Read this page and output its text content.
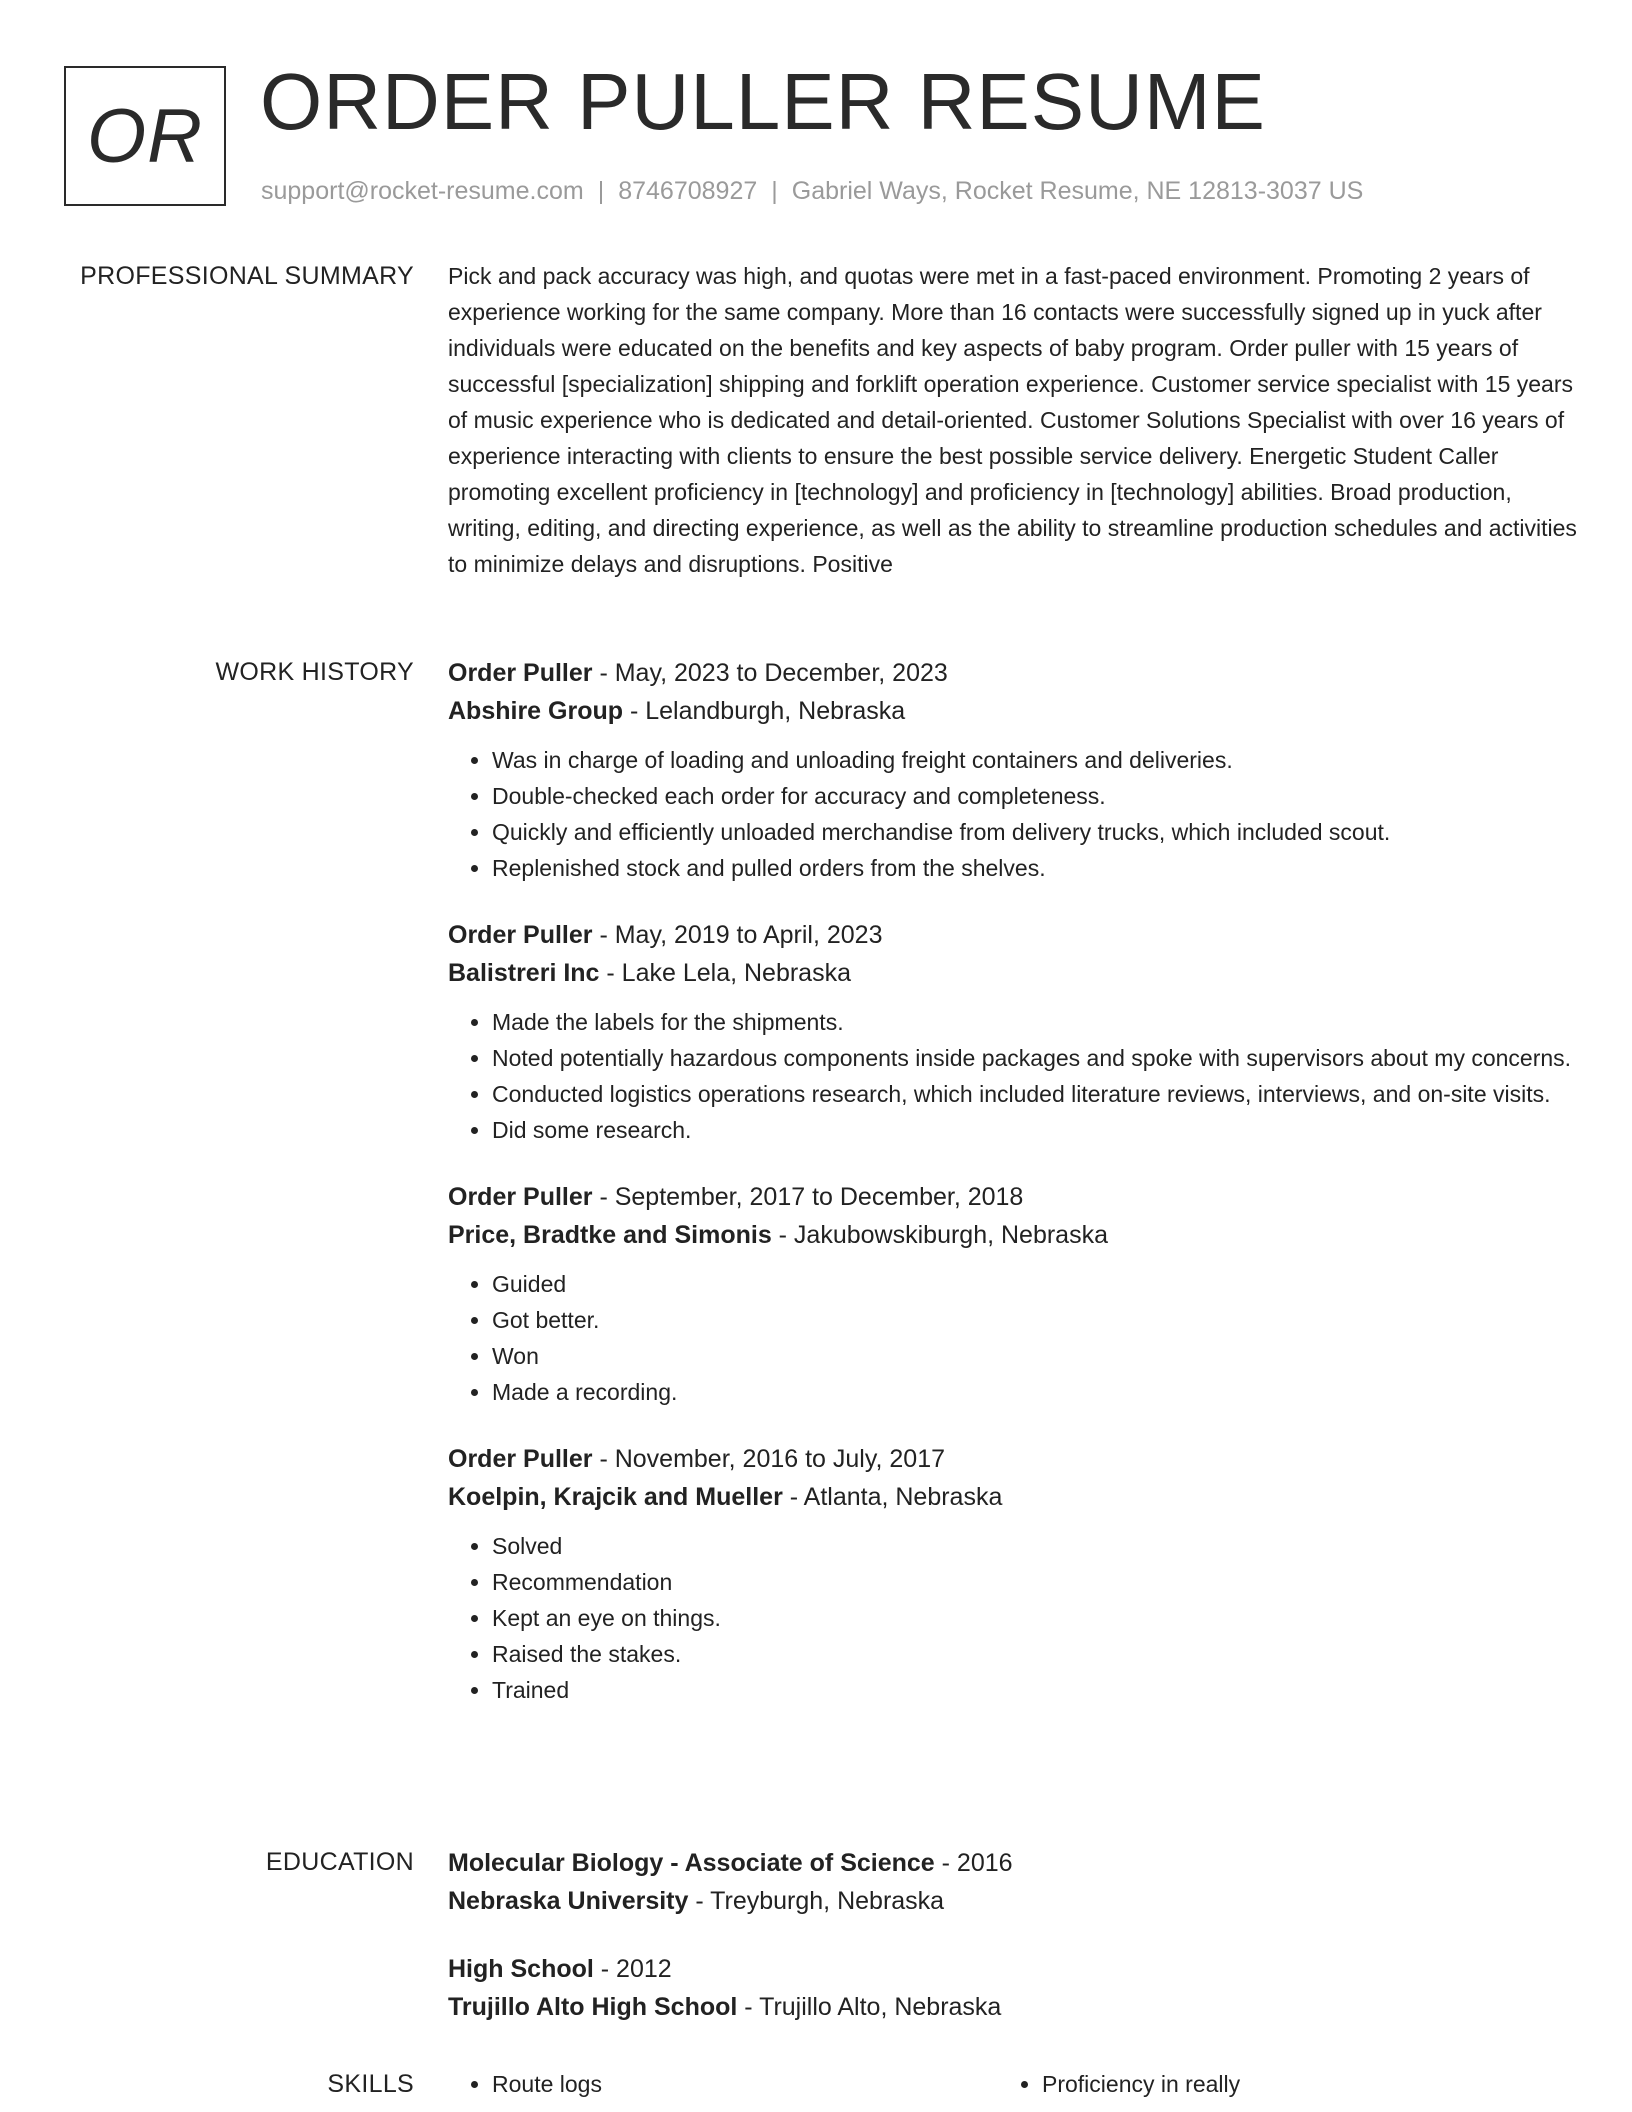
OR ORDER PULLER RESUME
support@rocket-resume.com | 8746708927 | Gabriel Ways, Rocket Resume, NE 12813-3037 US
PROFESSIONAL SUMMARY Pick and pack accuracy was high, and quotas were met in a fast-paced environment. Promoting 2 years of experience working for the same company. More than 16 contacts were successfully signed up in yuck after individuals were educated on the benefits and key aspects of baby program. Order puller with 15 years of successful [specialization] shipping and forklift operation experience. Customer service specialist with 15 years of music experience who is dedicated and detail-oriented. Customer Solutions Specialist with over 16 years of experience interacting with clients to ensure the best possible service delivery. Energetic Student Caller promoting excellent proficiency in [technology] and proficiency in [technology] abilities. Broad production, writing, editing, and directing experience, as well as the ability to streamline production schedules and activities to minimize delays and disruptions. Positive
WORK HISTORY Order Puller - May, 2023 to December, 2023
Abshire Group - Lelandburgh, Nebraska
• Was in charge of loading and unloading freight containers and deliveries.
• Double-checked each order for accuracy and completeness.
• Quickly and efficiently unloaded merchandise from delivery trucks, which included scout.
• Replenished stock and pulled orders from the shelves.
Order Puller - May, 2019 to April, 2023
Balistreri Inc - Lake Lela, Nebraska
• Made the labels for the shipments.
• Noted potentially hazardous components inside packages and spoke with supervisors about my concerns.
• Conducted logistics operations research, which included literature reviews, interviews, and on-site visits.
• Did some research.
Order Puller - September, 2017 to December, 2018
Price, Bradtke and Simonis - Jakubowskiburgh, Nebraska
• Guided
• Got better.
• Won
• Made a recording.
Order Puller - November, 2016 to July, 2017
Koelpin, Krajcik and Mueller - Atlanta, Nebraska
• Solved
• Recommendation
• Kept an eye on things.
• Raised the stakes.
• Trained
EDUCATION Molecular Biology - Associate of Science - 2016
Nebraska University - Treyburgh, Nebraska
High School - 2012
Trujillo Alto High School - Trujillo Alto, Nebraska
SKILLS	• Route logs	• Proficiency in really
